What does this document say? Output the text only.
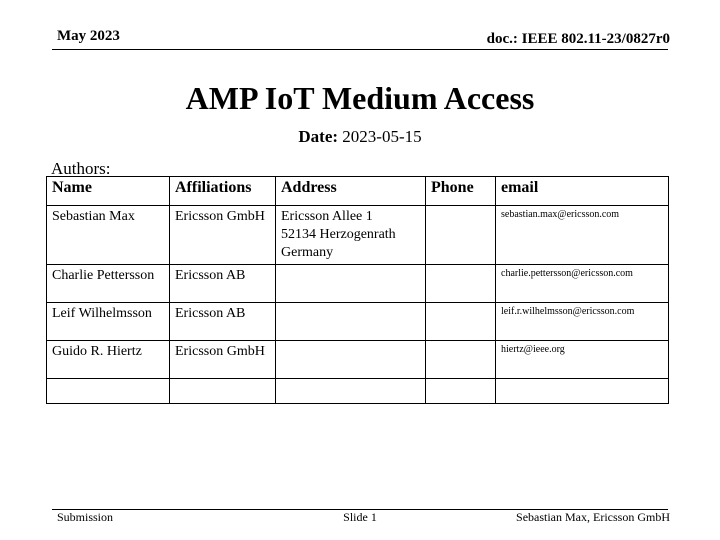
May 2023	doc.: IEEE 802.11-23/0827r0
AMP IoT Medium Access
Date: 2023-05-15
Authors:
Name	Affiliations	Address	Phone	email
Sebastian Max	Ericsson GmbH	Ericsson Allee 1
52134 Herzogenrath
Germany		sebastian.max@ericsson.com
Charlie Pettersson	Ericsson AB			charlie.pettersson@ericsson.com
Leif Wilhelmsson	Ericsson AB			leif.r.wilhelmsson@ericsson.com
Guido R. Hiertz	Ericsson GmbH			hiertz@ieee.org

Submission	Slide 1	Sebastian Max, Ericsson GmbH
